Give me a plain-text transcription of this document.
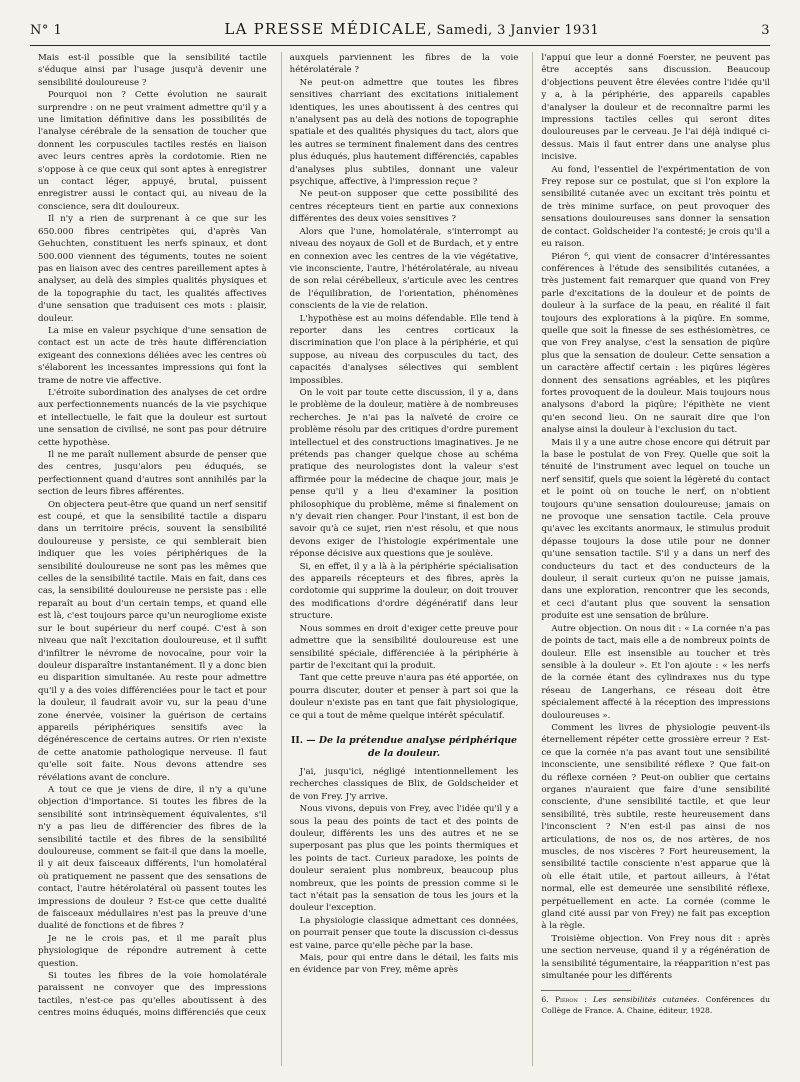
N° 1	LA PRESSE MÉDICALE, Samedi, 3 Janvier 1931	3

Mais est-il possible que la sensibilité tactile s'éduque ainsi par l'usage jusqu'à devenir une sensibilité douloureuse ?

Pourquoi non ? Cette évolution ne saurait surprendre : on ne peut vraiment admettre qu'il y a une limitation définitive dans les possibilités de l'analyse cérébrale de la sensation de toucher que donnent les corpuscules tactiles restés en liaison avec leurs centres après la cordotomie. Rien ne s'oppose à ce que ceux qui sont aptes à enregistrer un contact léger, appuyé, brutal, puissent enregistrer aussi le contact qui, au niveau de la conscience, sera dit douloureux.

Il n'y a rien de surprenant à ce que sur les 650.000 fibres centripètes qui, d'après Van Gehuchten, constituent les nerfs spinaux, et dont 500.000 viennent des téguments, toutes ne soient pas en liaison avec des centres pareillement aptes à analyser, au delà des simples qualités physiques et de la topographie du tact, les qualités affectives d'une sensation que traduisent ces mots : plaisir, douleur.

La mise en valeur psychique d'une sensation de contact est un acte de très haute différenciation exigeant des connexions déliées avec les centres où s'élaborent les incessantes impressions qui font la trame de notre vie affective.

L'étroite subordination des analyses de cet ordre aux perfectionnements nuancés de la vie psychique et intellectuelle, le fait que la douleur est surtout une sensation de civilisé, ne sont pas pour détruire cette hypothèse.

Il ne me paraît nullement absurde de penser que des centres, jusqu'alors peu éduqués, se perfectionnent quand d'autres sont annihilés par la section de leurs fibres afférentes.

On objectera peut-être que quand un nerf sensitif est coupé, et que la sensibilité tactile a disparu dans un territoire précis, souvent la sensibilité douloureuse y persiste, ce qui semblerait bien indiquer que les voies périphériques de la sensibilité douloureuse ne sont pas les mêmes que celles de la sensibilité tactile. Mais en fait, dans ces cas, la sensibilité douloureuse ne persiste pas : elle reparaît au bout d'un certain temps, et quand elle est là, c'est toujours parce qu'un neurogliome existe sur le bout supérieur du nerf coupé. C'est à son niveau que naît l'excitation douloureuse, et il suffit d'infiltrer le névrome de novocaïne, pour voir la douleur disparaître instantanément. Il y a donc bien eu disparition simultanée. Au reste pour admettre qu'il y a des voies différenciées pour le tact et pour la douleur, il faudrait avoir vu, sur la peau d'une zone énervée, voisiner la guérison de certains appareils périphériques sensitifs avec la dégénérescence de certains autres. Or rien n'existe de cette anatomie pathologique nerveuse. Il faut qu'elle soit faite. Nous devons attendre ses révélations avant de conclure.

A tout ce que je viens de dire, il n'y a qu'une objection d'importance. Si toutes les fibres de la sensibilité sont intrinsèquement équivalentes, s'il n'y a pas lieu de différencier des fibres de la sensibilité tactile et des fibres de la sensibilité douloureuse, comment se fait-il que dans la moelle, il y ait deux faisceaux différents, l'un homolatéral où pratiquement ne passent que des sensations de contact, l'autre hétérolatéral où passent toutes les impressions de douleur ? Est-ce que cette dualité de faisceaux médullaires n'est pas la preuve d'une dualité de fonctions et de fibres ?

Je ne le crois pas, et il me paraît plus physiologique de répondre autrement à cette question.

Si toutes les fibres de la voie homolatérale paraissent ne convoyer que des impressions tactiles, n'est-ce pas qu'elles aboutissent à des centres moins éduqués, moins différenciés que ceux

auxquels parviennent les fibres de la voie hétérolatérale ?

Ne peut-on admettre que toutes les fibres sensitives charriant des excitations initialement identiques, les unes aboutissent à des centres qui n'analysent pas au delà des notions de topographie spatiale et des qualités physiques du tact, alors que les autres se terminent finalement dans des centres plus éduqués, plus hautement différenciés, capables d'analyses plus subtiles, donnant une valeur psychique, affective, à l'impression reçue ?

Ne peut-on supposer que cette possibilité des centres récepteurs tient en partie aux connexions différentes des deux voies sensitives ?

Alors que l'une, homolatérale, s'interrompt au niveau des noyaux de Goll et de Burdach, et y entre en connexion avec les centres de la vie végétative, vie inconsciente, l'autre, l'hétérolatérale, au niveau de son relai cérébelleux, s'articule avec les centres de l'équilibration, de l'orientation, phénomènes conscients de la vie de relation.

L'hypothèse est au moins défendable. Elle tend à reporter dans les centres corticaux la discrimination que l'on place à la périphérie, et qui suppose, au niveau des corpuscules du tact, des capacités d'analyses sélectives qui semblent impossibles.

On le voit par toute cette discussion, il y a, dans le problème de la douleur, matière à de nombreuses recherches. Je n'ai pas la naïveté de croire ce problème résolu par des critiques d'ordre purement intellectuel et des constructions imaginatives. Je ne prétends pas changer quelque chose au schéma pratique des neurologistes dont la valeur s'est affirmée pour la médecine de chaque jour, mais je pense qu'il y a lieu d'examiner la position philosophique du problème, même si finalement on n'y devait rien changer. Pour l'instant, il est bon de savoir qu'à ce sujet, rien n'est résolu, et que nous devons exiger de l'histologie expérimentale une réponse décisive aux questions que je soulève.

Si, en effet, il y a là à la périphérie spécialisation des appareils récepteurs et des fibres, après la cordotomie qui supprime la douleur, on doit trouver des modifications d'ordre dégénératif dans leur structure.

Nous sommes en droit d'exiger cette preuve pour admettre que la sensibilité douloureuse est une sensibilité spéciale, différenciée à la périphérie à partir de l'excitant qui la produit.

Tant que cette preuve n'aura pas été apportée, on pourra discuter, douter et penser à part soi que la douleur n'existe pas en tant que fait physiologique, ce qui a tout de même quelque intérêt spéculatif.

II. — De la prétendue analyse périphérique de la douleur.

J'ai, jusqu'ici, négligé intentionnellement les recherches classiques de Blix, de Goldscheider et de von Frey. J'y arrive.

Nous vivons, depuis von Frey, avec l'idée qu'il y a sous la peau des points de tact et des points de douleur, différents les uns des autres et ne se superposant pas plus que les points thermiques et les points de tact. Curieux paradoxe, les points de douleur seraient plus nombreux, beaucoup plus nombreux, que les points de pression comme si le tact n'était pas la sensation de tous les jours et la douleur l'exception.

La physiologie classique admettant ces données, on pourrait penser que toute la discussion ci-dessus est vaine, parce qu'elle pèche par la base.

Mais, pour qui entre dans le détail, les faits mis en évidence par von Frey, même après

l'appui que leur a donné Foerster, ne peuvent pas être acceptés sans discussion. Beaucoup d'objections peuvent être élevées contre l'idée qu'il y a, à la périphérie, des appareils capables d'analyser la douleur et de reconnaître parmi les impressions tactiles celles qui seront dites douloureuses par le cerveau. Je l'ai déjà indiqué ci-dessus. Mais il faut entrer dans une analyse plus incisive.

Au fond, l'essentiel de l'expérimentation de von Frey repose sur ce postulat, que si l'on explore la sensibilité cutanée avec un excitant très pointu et de très minime surface, on peut provoquer des sensations douloureuses sans donner la sensation de contact. Goldscheider l'a contesté; je crois qu'il a eu raison.

Piéron ⁶, qui vient de consacrer d'intéressantes conférences à l'étude des sensibilités cutanées, a très justement fait remarquer que quand von Frey parle d'excitations de la douleur et de points de douleur à la surface de la peau, en réalité il fait toujours des explorations à la piqûre. En somme, quelle que soit la finesse de ses esthésiomètres, ce que von Frey analyse, c'est la sensation de piqûre plus que la sensation de douleur. Cette sensation a un caractère affectif certain : les piqûres légères donnent des sensations agréables, et les piqûres fortes provoquent de la douleur. Mais toujours nous analysons d'abord la piqûre; l'épithète ne vient qu'en second lieu. On ne saurait dire que l'on analyse ainsi la douleur à l'exclusion du tact.

Mais il y a une autre chose encore qui détruit par la base le postulat de von Frey. Quelle que soit la ténuité de l'instrument avec lequel on touche un nerf sensitif, quels que soient la légèreté du contact et le point où on touche le nerf, on n'obtient toujours qu'une sensation douloureuse; jamais on ne provoque une sensation tactile. Cela prouve qu'avec les excitants anormaux, le stimulus produit dépasse toujours la dose utile pour ne donner qu'une sensation tactile. S'il y a dans un nerf des conducteurs du tact et des conducteurs de la douleur, il serait curieux qu'on ne puisse jamais, dans une exploration, rencontrer que les seconds, et ceci d'autant plus que souvent la sensation produite est une sensation de brûlure.

Autre objection. On nous dit : « La cornée n'a pas de points de tact, mais elle a de nombreux points de douleur. Elle est insensible au toucher et très sensible à la douleur ». Et l'on ajoute : « les nerfs de la cornée étant des cylindraxes nus du type réseau de Langerhans, ce réseau doit être spécialement affecté à la réception des impressions douloureuses ».

Comment les livres de physiologie peuvent-ils éternellement répéter cette grossière erreur ? Est-ce que la cornée n'a pas avant tout une sensibilité inconsciente, une sensibilité réflexe ? Que fait-on du réflexe cornéen ? Peut-on oublier que certains organes n'auraient que faire d'une sensibilité consciente, d'une sensibilité tactile, et que leur sensibilité, très subtile, reste heureusement dans l'inconscient ? N'en est-il pas ainsi de nos articulations, de nos os, de nos artères, de nos muscles, de nos viscères ? Fort heureusement, la sensibilité tactile consciente n'est apparue que là où elle était utile, et partout ailleurs, à l'état normal, elle est demeurée une sensibilité réflexe, perpétuellement en acte. La cornée (comme le gland cité aussi par von Frey) ne fait pas exception à la règle.

Troisième objection. Von Frey nous dit : après une section nerveuse, quand il y a régénération de la sensibilité tégumentaire, la réapparition n'est pas simultanée pour les différents

6. Piéron : Les sensibilités cutanées. Conférences du Collège de France. A. Chaine, éditeur, 1928.
